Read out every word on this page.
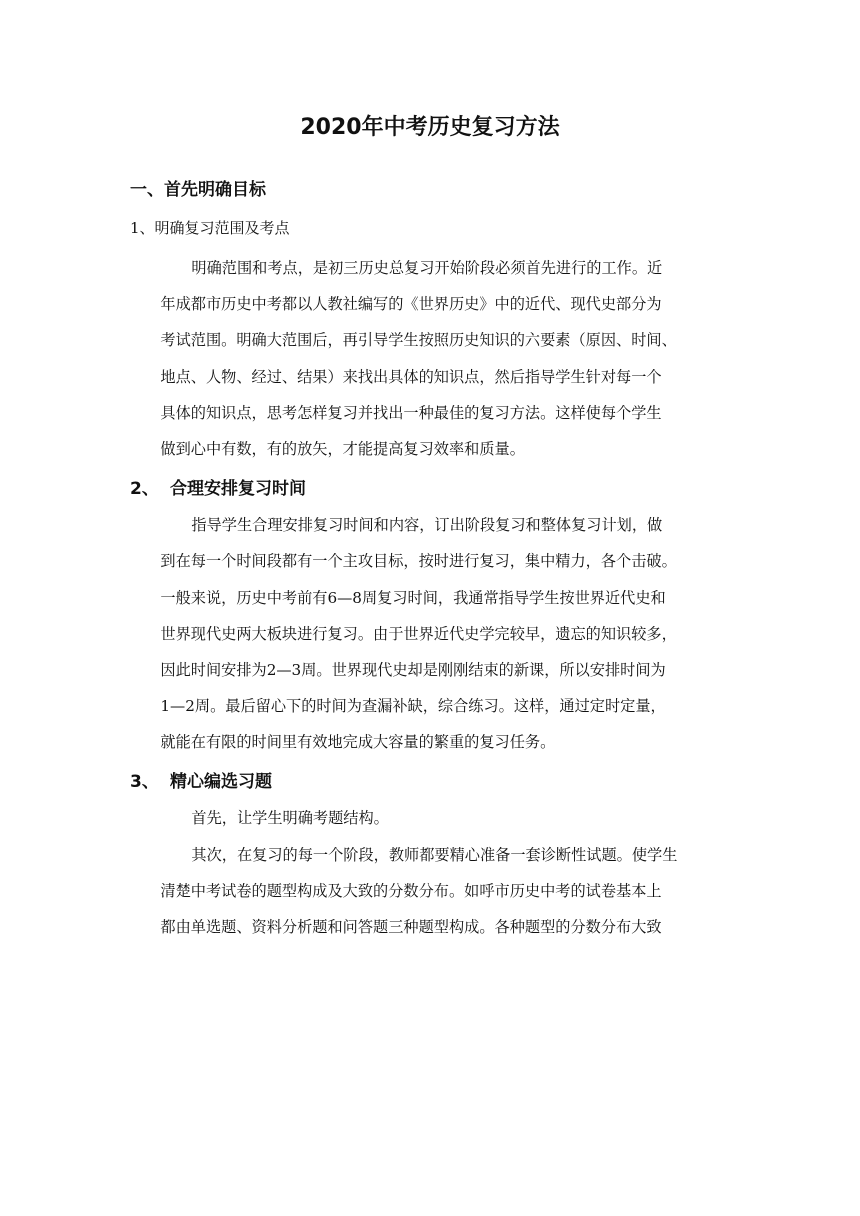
2020年中考历史复习方法
一、首先明确目标
1、明确复习范围及考点
明确范围和考点，是初三历史总复习开始阶段必须首先进行的工作。近
年成都市历史中考都以人教社编写的《世界历史》中的近代、现代史部分为
考试范围。明确大范围后，再引导学生按照历史知识的六要素（原因、时间、
地点、人物、经过、结果）来找出具体的知识点，然后指导学生针对每一个
具体的知识点，思考怎样复习并找出一种最佳的复习方法。这样使每个学生
做到心中有数，有的放矢，才能提高复习效率和质量。
2、 合理安排复习时间
指导学生合理安排复习时间和内容，订出阶段复习和整体复习计划，做
到在每一个时间段都有一个主攻目标，按时进行复习，集中精力，各个击破。
一般来说，历史中考前有6—8周复习时间，我通常指导学生按世界近代史和
世界现代史两大板块进行复习。由于世界近代史学完较早，遗忘的知识较多，
因此时间安排为2—3周。世界现代史却是刚刚结束的新课，所以安排时间为
1—2周。最后留心下的时间为查漏补缺，综合练习。这样，通过定时定量，
就能在有限的时间里有效地完成大容量的繁重的复习任务。
3、 精心编选习题
首先，让学生明确考题结构。
其次，在复习的每一个阶段，教师都要精心准备一套诊断性试题。使学生
清楚中考试卷的题型构成及大致的分数分布。如呼市历史中考的试卷基本上
都由单选题、资料分析题和问答题三种题型构成。各种题型的分数分布大致
